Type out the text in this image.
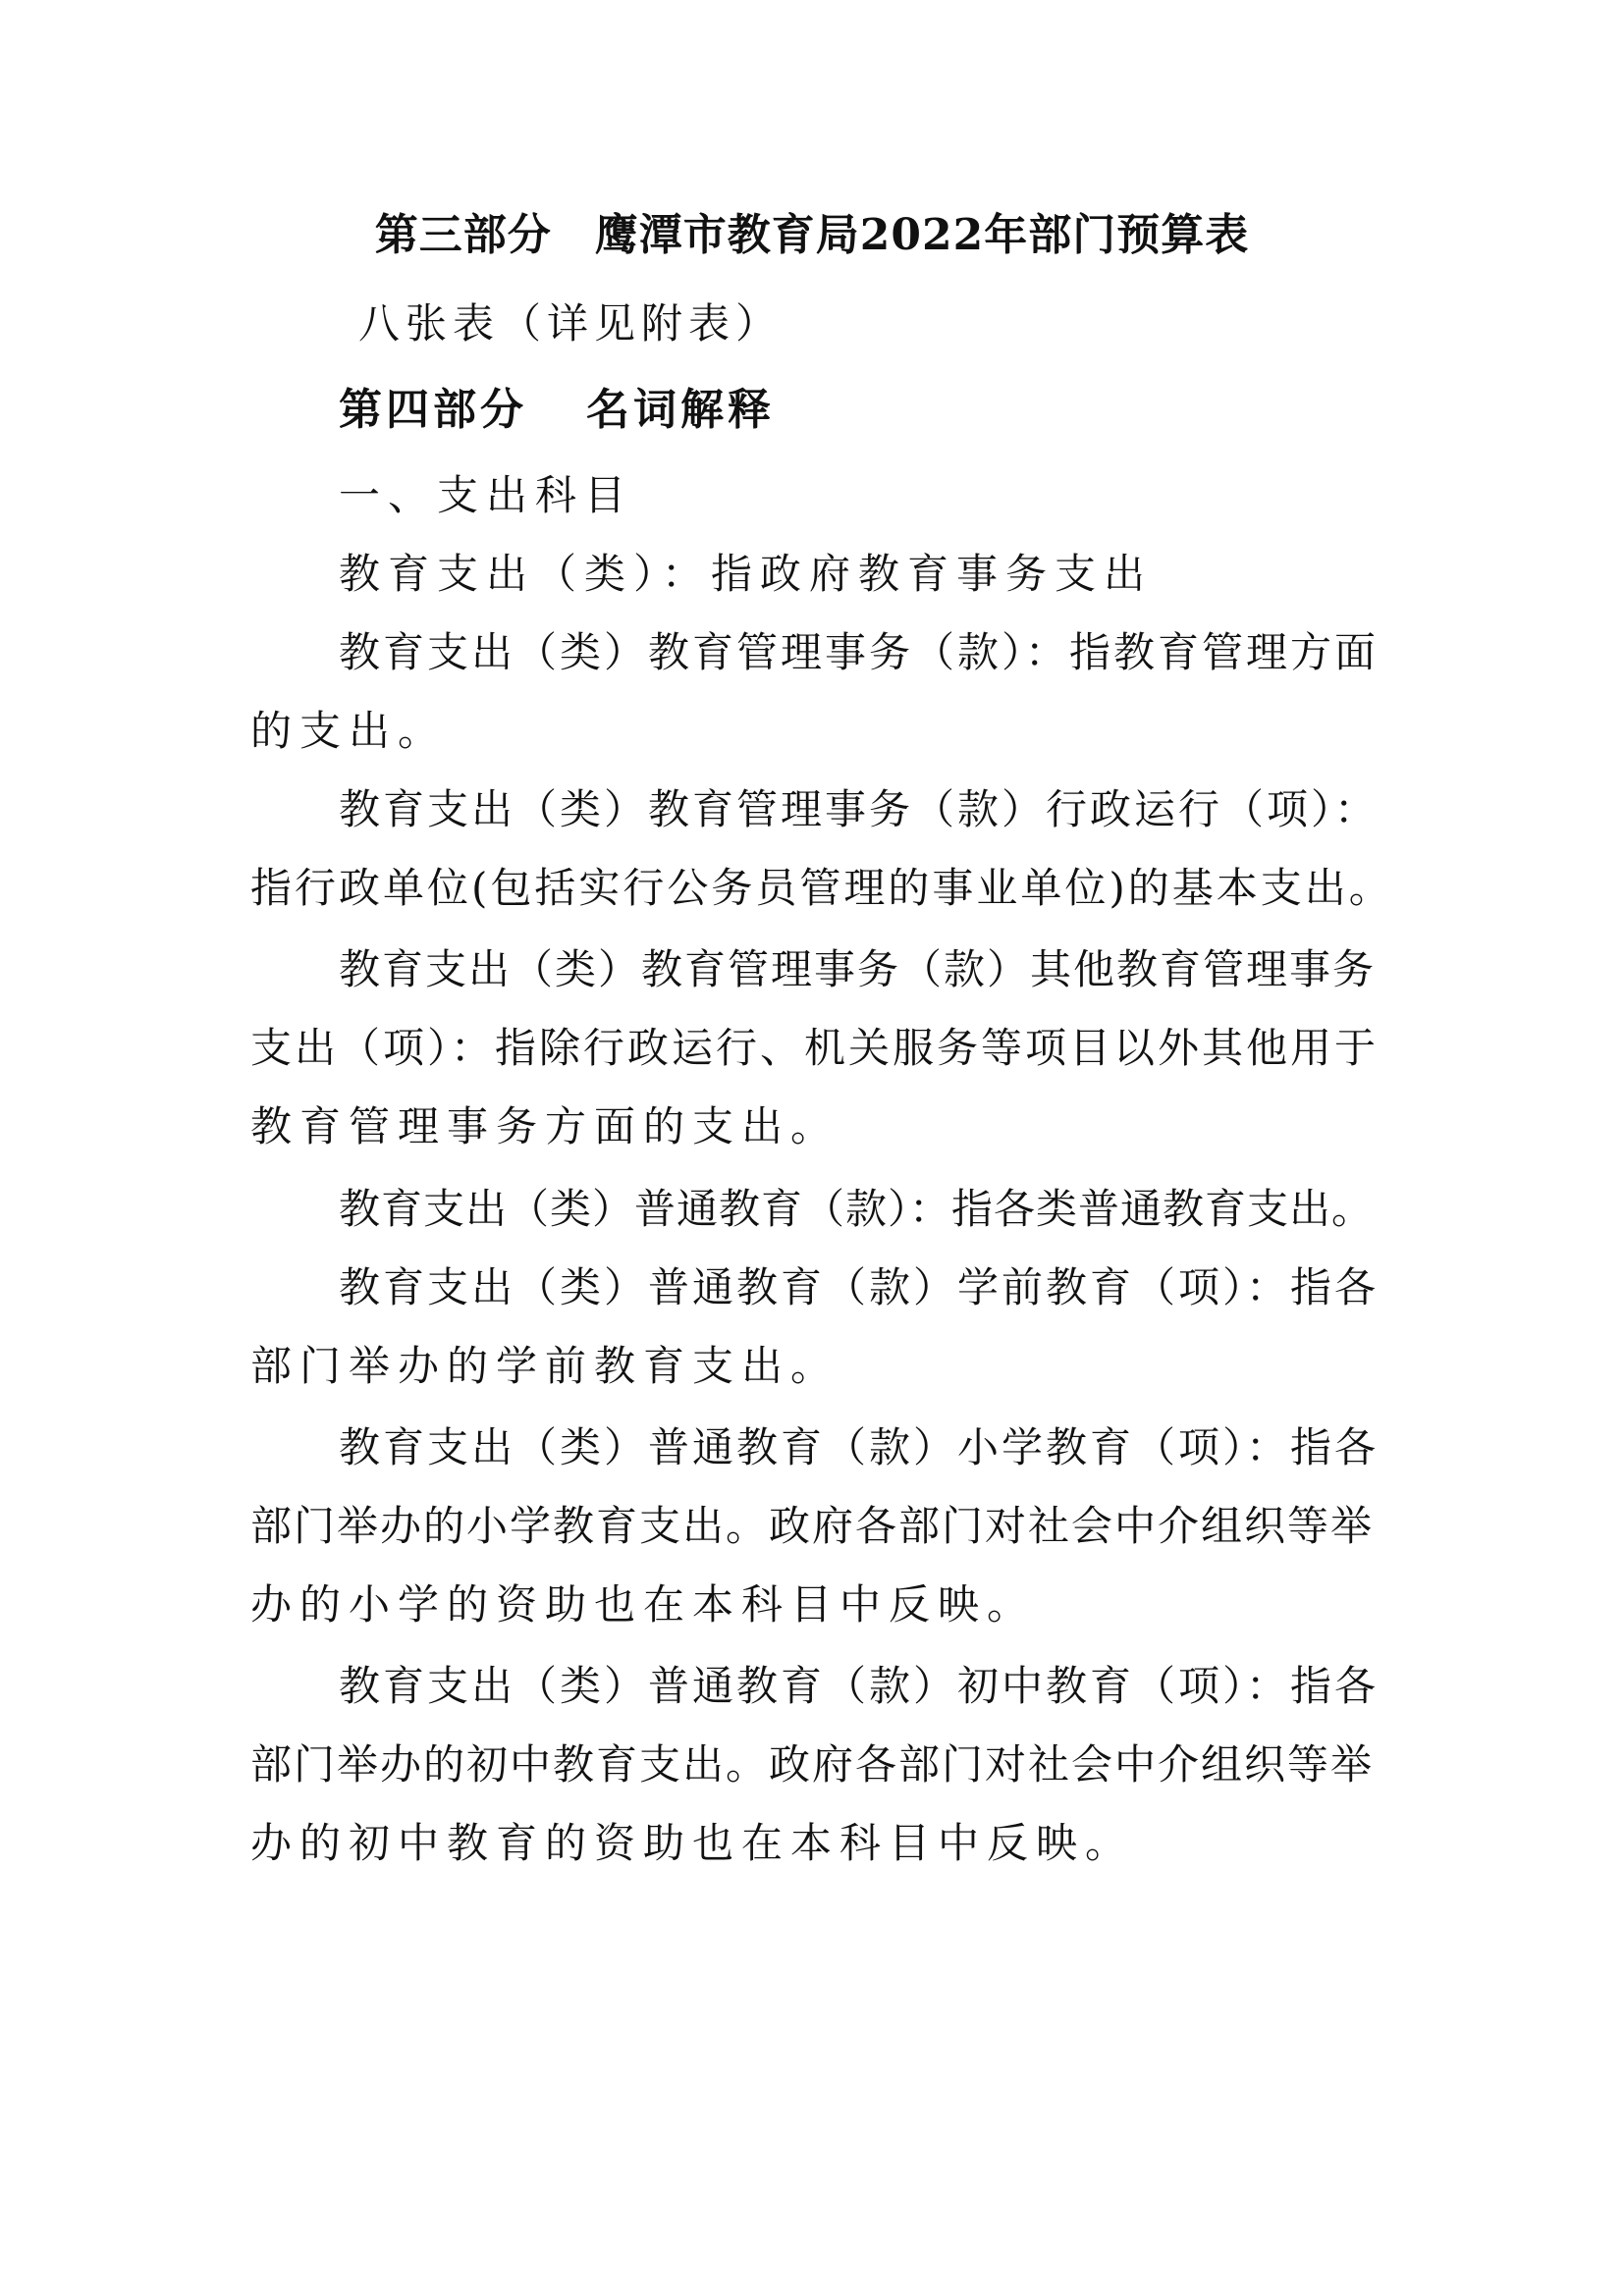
第三部分 鹰潭市教育局2022年部门预算表
八张表（详见附表）
第四部分 名词解释
一、支出科目
教育支出（类）：指政府教育事务支出
教育支出（类）教育管理事务（款）：指教育管理方面
的支出。
教育支出（类）教育管理事务（款）行政运行（项）：
指行政单位(包括实行公务员管理的事业单位)的基本支出。
教育支出（类）教育管理事务（款）其他教育管理事务
支出（项）：指除行政运行、机关服务等项目以外其他用于
教育管理事务方面的支出。
教育支出（类）普通教育（款）：指各类普通教育支出。
教育支出（类）普通教育（款）学前教育（项）：指各
部门举办的学前教育支出。
教育支出（类）普通教育（款）小学教育（项）：指各
部门举办的小学教育支出。政府各部门对社会中介组织等举
办的小学的资助也在本科目中反映。
教育支出（类）普通教育（款）初中教育（项）：指各
部门举办的初中教育支出。政府各部门对社会中介组织等举
办的初中教育的资助也在本科目中反映。
